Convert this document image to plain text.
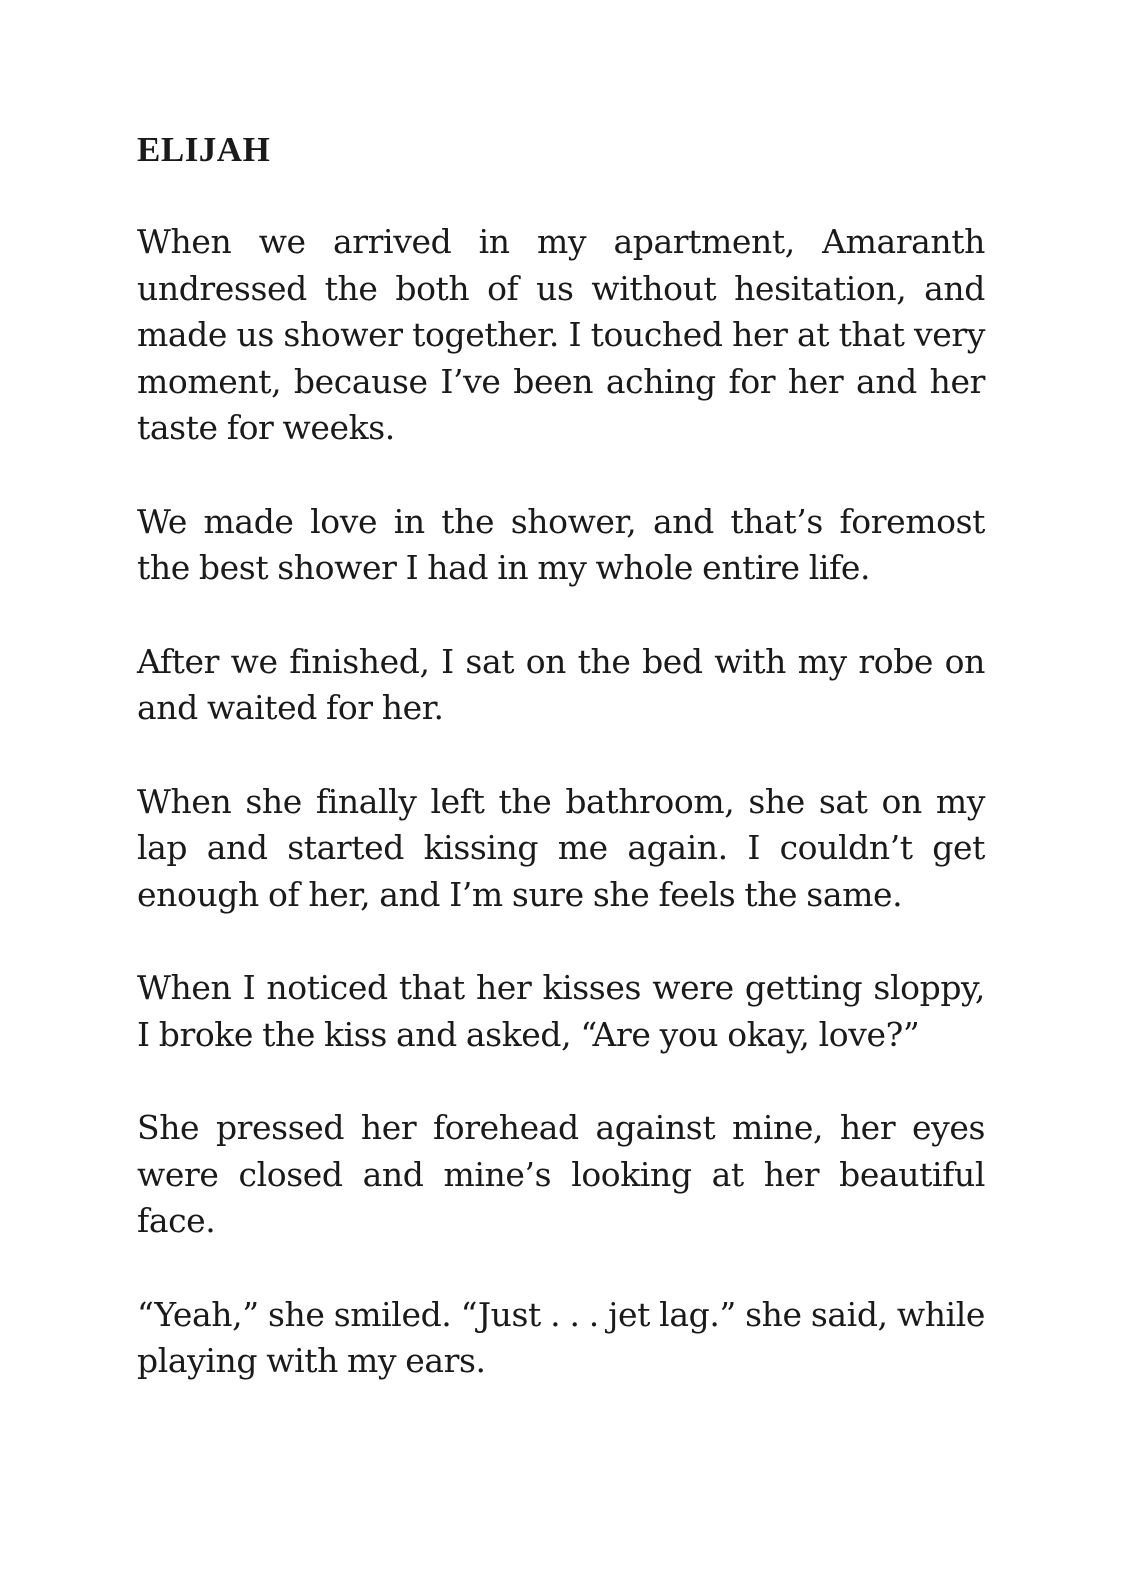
ELIJAH

When we arrived in my apartment, Amaranth undressed the both of us without hesitation, and made us shower together. I touched her at that very moment, because I’ve been aching for her and her taste for weeks.

We made love in the shower, and that’s foremost the best shower I had in my whole entire life.

After we finished, I sat on the bed with my robe on and waited for her.

When she finally left the bathroom, she sat on my lap and started kissing me again. I couldn’t get enough of her, and I’m sure she feels the same.

When I noticed that her kisses were getting sloppy, I broke the kiss and asked, “Are you okay, love?”

She pressed her forehead against mine, her eyes were closed and mine’s looking at her beautiful face.

“Yeah,” she smiled. “Just . . . jet lag.” she said, while playing with my ears.
